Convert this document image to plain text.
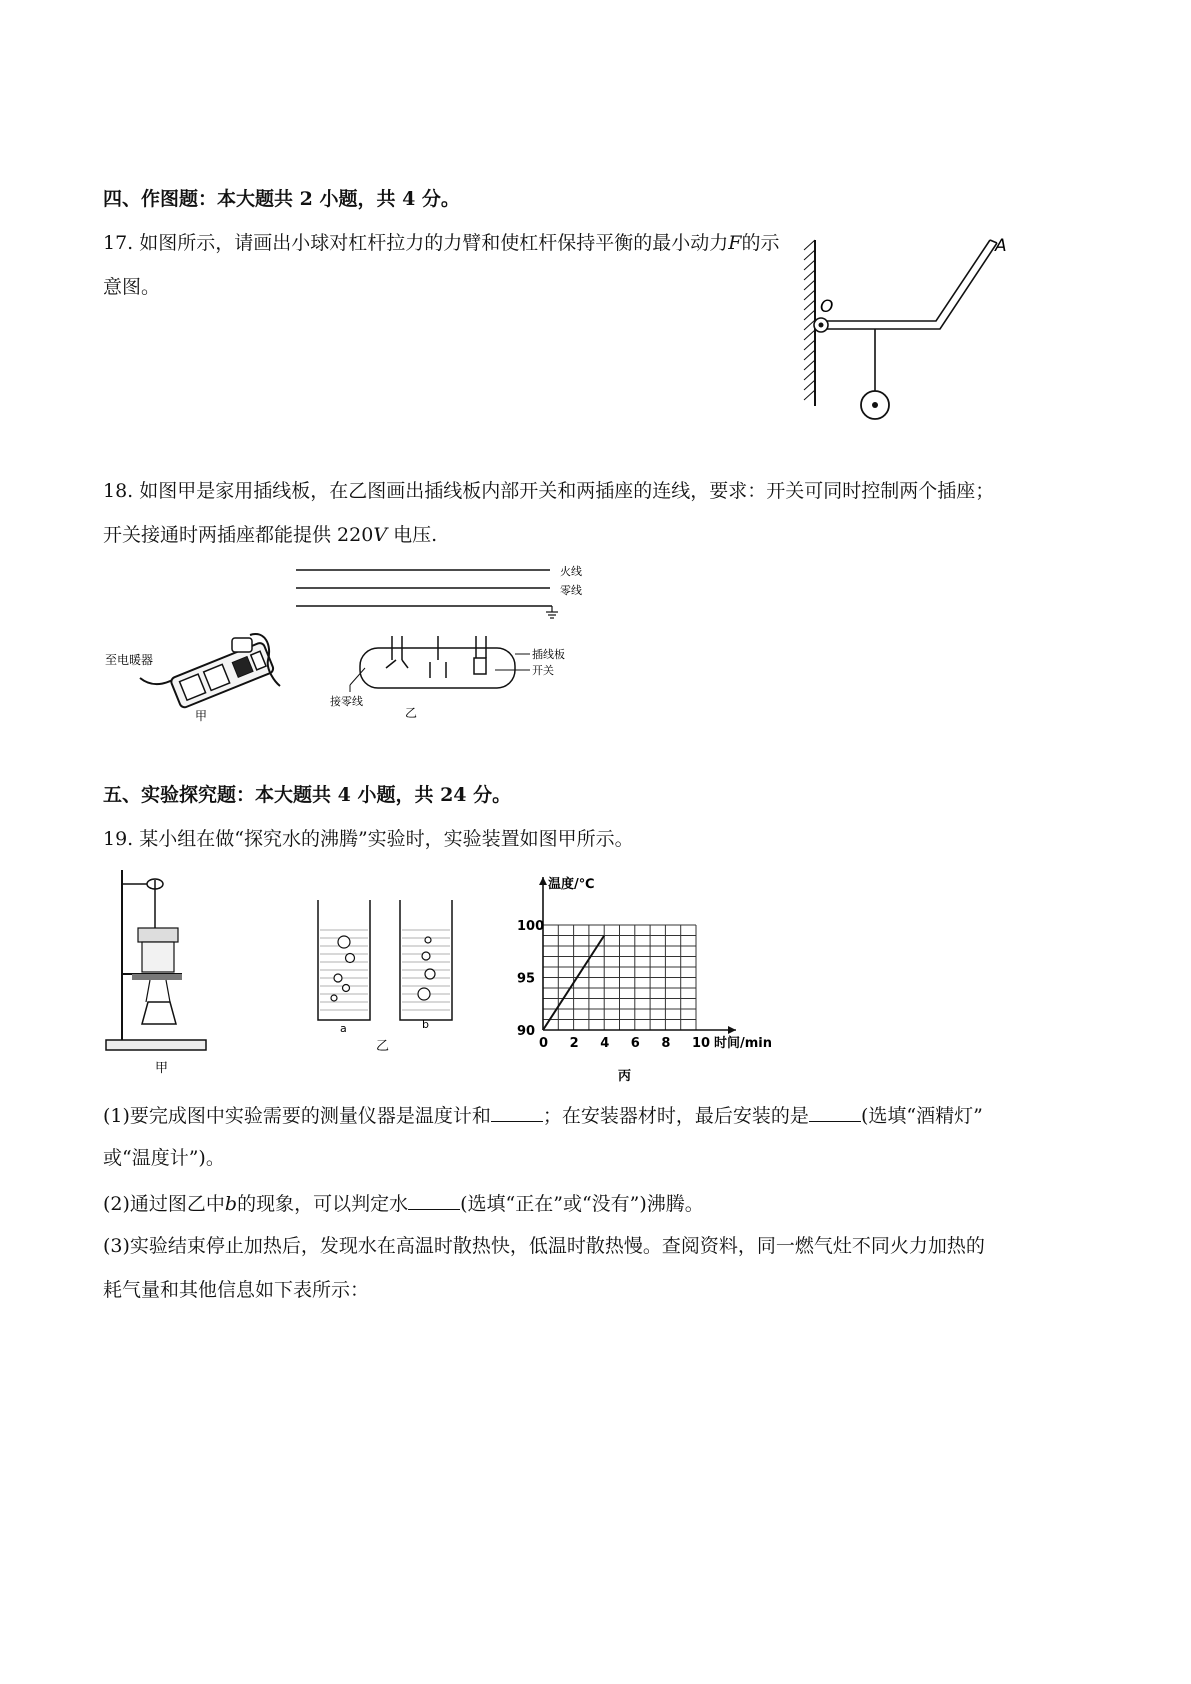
四、作图题：本大题共 2 小题，共 4 分。
17. 如图所示，请画出小球对杠杆拉力的力臂和使杠杆保持平衡的最小动力F的示
意图。
A
O
18. 如图甲是家用插线板，在乙图画出插线板内部开关和两插座的连线，要求：开关可同时控制两个插座；
开关接通时两插座都能提供 220V 电压.
至电暖器
甲
火线
零线
插线板
开关
接零线
乙
五、实验探究题：本大题共 4 小题，共 24 分。
19. 某小组在做“探究水的沸腾”实验时，实验装置如图甲所示。
甲
a	b
乙	0 2 4 6 8 10
90
95
100
温度/℃
时间/min
丙
(1)要完成图中实验需要的测量仪器是温度计和	；在安装器材时，最后安装的是	(选填“酒精灯”
或“温度计”)。
(2)通过图乙中b的现象，可以判定水	(选填“正在”或“没有”)沸腾。
(3)实验结束停止加热后，发现水在高温时散热快，低温时散热慢。查阅资料，同一燃气灶不同火力加热的
耗气量和其他信息如下表所示：
